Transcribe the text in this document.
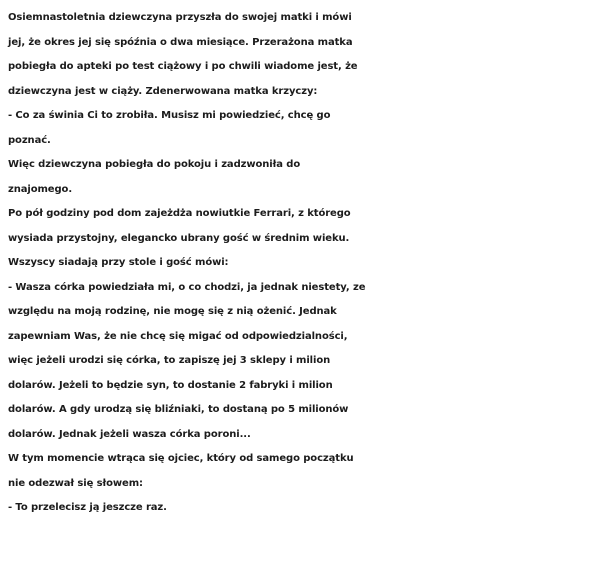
Osiemnastoletnia dziewczyna przyszła do swojej matki i mówi
jej, że okres jej się spóźnia o dwa miesiące. Przerażona matka
pobiegła do apteki po test ciążowy i po chwili wiadome jest, że
dziewczyna jest w ciąży. Zdenerwowana matka krzyczy:
- Co za świnia Ci to zrobiła. Musisz mi powiedzieć, chcę go
poznać.
Więc dziewczyna pobiegła do pokoju i zadzwoniła do
znajomego.
Po pół godziny pod dom zajeżdża nowiutkie Ferrari, z którego
wysiada przystojny, elegancko ubrany gość w średnim wieku.
Wszyscy siadają przy stole i gość mówi:
- Wasza córka powiedziała mi, o co chodzi, ja jednak niestety, ze
względu na moją rodzinę, nie mogę się z nią ożenić. Jednak
zapewniam Was, że nie chcę się migać od odpowiedzialności,
więc jeżeli urodzi się córka, to zapiszę jej 3 sklepy i milion
dolarów. Jeżeli to będzie syn, to dostanie 2 fabryki i milion
dolarów. A gdy urodzą się bliźniaki, to dostaną po 5 milionów
dolarów. Jednak jeżeli wasza córka poroni...
W tym momencie wtrąca się ojciec, który od samego początku
nie odezwał się słowem:
- To przelecisz ją jeszcze raz.
